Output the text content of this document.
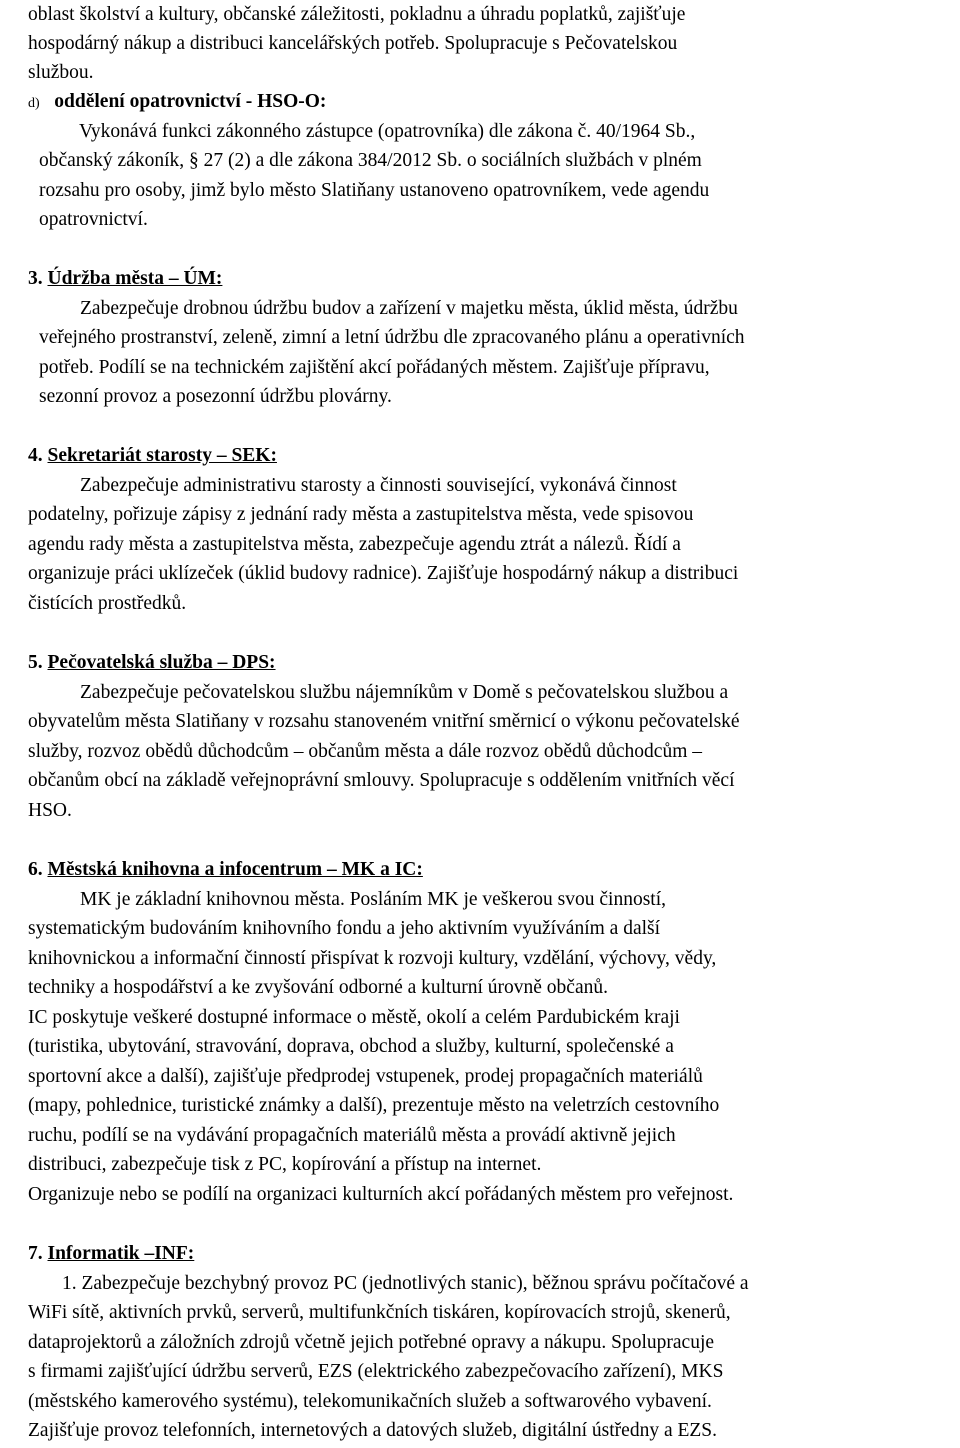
oblast školství a kultury, občanské záležitosti, pokladnu a úhradu poplatků, zajišťuje
hospodárný nákup a distribuci kancelářských potřeb. Spolupracuje s Pečovatelskou
službou.
d) oddělení opatrovnictví - HSO-O:
Vykonává funkci zákonného zástupce (opatrovníka) dle zákona č. 40/1964 Sb.,
občanský zákoník, § 27 (2) a dle zákona 384/2012 Sb. o sociálních službách v plném
rozsahu pro osoby, jimž bylo město Slatiňany ustanoveno opatrovníkem, vede agendu
opatrovnictví.
3. Údržba města – ÚM:
Zabezpečuje drobnou údržbu budov a zařízení v majetku města, úklid města, údržbu
veřejného prostranství, zeleně, zimní a letní údržbu dle zpracovaného plánu a operativních
potřeb. Podílí se na technickém zajištění akcí pořádaných městem. Zajišťuje přípravu,
sezonní provoz a posezonní údržbu plovárny.
4. Sekretariát starosty – SEK:
Zabezpečuje administrativu starosty a činnosti související, vykonává činnost
podatelny, pořizuje zápisy z jednání rady města a zastupitelstva města, vede spisovou
agendu rady města a zastupitelstva města, zabezpečuje agendu ztrát a nálezů. Řídí a
organizuje práci uklízeček (úklid budovy radnice). Zajišťuje hospodárný nákup a distribuci
čistících prostředků.
5. Pečovatelská služba – DPS:
Zabezpečuje pečovatelskou službu nájemníkům v Domě s pečovatelskou službou a
obyvatelům města Slatiňany v rozsahu stanoveném vnitřní směrnicí o výkonu pečovatelské
služby, rozvoz obědů důchodcům – občanům města a dále rozvoz obědů důchodcům –
občanům obcí na základě veřejnoprávní smlouvy. Spolupracuje s oddělením vnitřních věcí
HSO.
6. Městská knihovna a infocentrum – MK a IC:
MK je základní knihovnou města. Posláním MK je veškerou svou činností,
systematickým budováním knihovního fondu a jeho aktivním využíváním a další
knihovnickou a informační činností přispívat k rozvoji kultury, vzdělání, výchovy, vědy,
techniky a hospodářství a ke zvyšování odborné a kulturní úrovně občanů.
IC poskytuje veškeré dostupné informace o městě, okolí a celém Pardubickém kraji
(turistika, ubytování, stravování, doprava, obchod a služby, kulturní, společenské a
sportovní akce a další), zajišťuje předprodej vstupenek, prodej propagačních materiálů
(mapy, pohlednice, turistické známky a další), prezentuje město na veletrzích cestovního
ruchu, podílí se na vydávání propagačních materiálů města a provádí aktivně jejich
distribuci, zabezpečuje tisk z PC, kopírování a přístup na internet.
Organizuje nebo se podílí na organizaci kulturních akcí pořádaných městem pro veřejnost.
7. Informatik –INF:
1. Zabezpečuje bezchybný provoz PC (jednotlivých stanic), běžnou správu počítačové a
WiFi sítě, aktivních prvků, serverů, multifunkčních tiskáren, kopírovacích strojů, skenerů,
dataprojektorů a záložních zdrojů včetně jejich potřebné opravy a nákupu. Spolupracuje
s firmami zajišťující údržbu serverů, EZS (elektrického zabezpečovacího zařízení), MKS
(městského kamerového systému), telekomunikačních služeb a softwarového vybavení.
Zajišťuje provoz telefonních, internetových a datových služeb, digitální ústředny a EZS.
